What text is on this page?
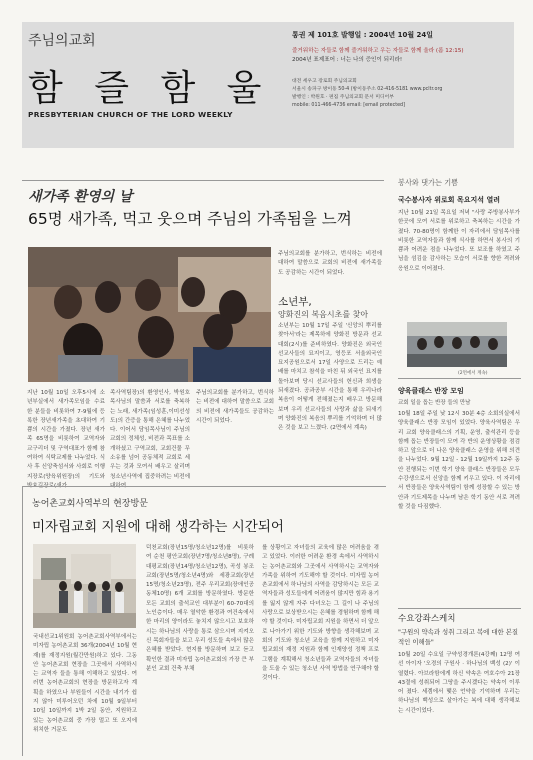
주님의교회
함 즐 함 울
PRESBYTERIAN CHURCH OF THE LORD WEEKLY
통권 제 101호 발행일 : 2004년 10월 24일
즐거워하는 자들로 함께 즐거워하고 우는 자들로 함께 울라 (롬 12:15)
2004년 표제표어 : 너는 나의 증인이 되리라!
대전 세우고 장로회 주님의교회
서울시 송파구 방이동 50-4 (방이동주소 02-416-5181 www.pcltr.org
발행인 : 박원호 · 편집 주님의교회 문서 미디어부
mobile: 011-466-4736 email: [email protected]
새가족 환영의 날
65명 새가족, 먹고 웃으며 주님의 가족됨을 느껴
지난 10월 10일 오후5시에 소년부실에서 새가족모임을 수료한 분들을 비롯하여 7-9월에 등록한 장년새가족을 초대하여 기쁨의 시간을 가졌다. 장년 새가족 65명을 비롯하여 교역자와 교구리더 및 구역대표가 함께 참여하여 식탁교제를 나누었다. 식사 후 신앙축섬서와 사회로 이행지장로(양육위원장)의 기도와 박효길장로(새가
족사역팀장)의 환영인사, 박원호 목사님의 말씀과 서로를 축복하는 노래, 새가족(임성훈,이미선성도)의 간증을 통해 은혜를 나누었다. 이어서 담임목사님이 주님의교회의 정체성, 비전과 목표를 소개하셨고 구역교회, 교회건물 무소유를 넘어 공동체적 교회로 세우는 것과 모여서 배우고 살리며 청소년사역에 집중하려는 비전에 대하여
주님의교회를 분가하고, 번식하는 비전에 대하여 말씀으로 교회의 비전에 새가족들도 공감하는 시간이 되었다.
주님의교회를 분가하고, 번식하는 비전에 대하여 말씀으로 교회의 비전에 새가족들도 공감하는 시간이 되었다.
소년부,
양화진의 복음시초를 찾아
소년부는 10월 17일 주일 '신앙의 뿌리를 찾아서'라는 제목하에 양화진 방문과 선교대회(2시)를 준비하였다. 양화진은 외국인 선교사들의 묘지이고, 영등포 서울외국인묘지공원으로서 17일 사양으로 드리는 예배를 마치고 참석을 마친 뒤 외국인 묘지를 돌아보며 당시 선교사들의 헌신과 희생을 되새겼다. 공과공부 시간을 통해 우리나라 복음이 어떻게 전해졌는지 배우고 방문해보며 우리 선교사들의 사랑과 삶을 되새기며 양화진의 복음의 뿌리를 기억하며 더 많은 것을 보고 느꼈다. (2면에서 계속)
농어촌교회사역부의 현장방문
미자립교회 지원에 대해 생각하는 시간되어
국내선교1위원회 농어촌교회사역부에서는 미자립 농어촌교회 36개(2004년 10월 현재)를 재정지원(월간만원)하고 있다. 그동안 농어촌교회 현장을 그곳에서 사역하시는 교역자 들을 통해 이해하고 있었다. 여러번 농어촌교회의 현장을 방문하고자 계획을 하였으나 부원들이 시간을 내기가 쉽지 않아 미루어오던 차에 10월 9일부터 10일 10일까지 1박 2일 동안, 지원하고 있는 농어촌교회 중 가장 멀고 또 오지에 위치한 거문도
덕천교회(장년15명/청소년12명)를 비롯하여 순천 평안교회(장년7명/청소년8명), 구례 대평교회(장년14명/청소년12명), 곡성 봉조교회(장년5명/청소년4명)와 세광교회(장년15명/청소년23명), 전주 우리교회(장애인공동체10명) 6개 교회를 방문하였다. 방문한 모든 교회의 출석교인 대부분이 60-70대의 노인층이다. 매우 열악한 환경과 여건속에서 한 마리의 양이라도 놓치지 않으시고 보호하시는 하나님의 사랑을 통로 삼으시며 지켜오신 목회자들을 보고 우리 성도들 속에서 많은 은혜를 받았다. 현지를 방문하며 보고 듣고 확인한 결과 미자립 농어촌교회의 가장 큰 부분인 교회 건축 부채
를 상황이고 자녀들의 교육에 많은 어려움을 겪고 있었다. 이러한 어려운 환경 속에서 사역하시는 농어촌교회와 그곳에서 사역하시는 교역자와 가족을 위하여 기도해야 할 것이다. 미자립 농어촌교회에서 하나님의 사역을 감당하시는 모든 교역자들과 성도들에게 어려움이 많지만 힘과 용기를 잃지 않게 자주 다녀오는 그 길이 나 주님의 사랑으로 보상받으시는 은혜를 경험하며 함께 해야 할 것이다. 미자립교회 지원을 하면서 더 앞으로 나아가기 위한 기도와 방향을 생각해보며 교회의 기도와 청소년 교육을 함께 지원하고 미자립교회의 재정 지원과 함께 인재양성 정책 프로그램을 계획해서 청소년들과 교역자들의 자녀들을 도울 수 있는 청소년 사역 방법을 연구해야 할 것이다.
봉사와 댓가는 기쁨
국수봉사자 위로회 목요지석 열려
지난 10월 21일 목요일 저녁 "사랑 주방봉사부가 한곳에 모여 서로를 위로하고 축복하는 시간을 가졌다. 70-80명이 함께한 이 자리에서 담임목사를 비롯한 교역자들과 함께 식사를 하면서 봉사의 기쁨과 어려운 점을 나누었다. 또 보조를 하였고 주님을 섬김을 감사하는 모습이 서로를 향한 격려와 응원으로 이어졌다.
(2면에서 계속)
양육클래스 반장 모임
교회 일을 돕는 반장 들의 만남
10월 18일 주일 낮 12시 30분 4층 소회의실에서 양육클래스 반장 모임이 있었다. 양육사역팀은 우리 교회 양육클래스의 기획, 운영, 출석관리 등을 함께 돕는 반장들이 모여 각 반의 운영상황을 점검하고 앞으로 더 나은 양육클래스 운영을 위해 의견을 나누었다. 9월 12일 - 12월 19일까지 12주 동안 진행되는 이번 학기 양육 클래스 반장들은 모두 수강생으로서 신앙을 함께 키우고 있다. 이 자리에서 반장들은 양육사역팀이 함께 성장할 수 있는 방안과 기도제목을 나누며 남은 학기 동안 서로 격려할 것을 다짐했다.
수요강좌스케치
"구원의 약속과 성취 그리고 복에 대한 본질적인 이해들"
10월 20일 수요일 구약성경개론(4강째) 12명 여선 아이자 '오경의 구원사 · 하나님의 백성 (2)' 이 열렸다. 아브라함에게 하신 약속은 여호수아 21장 43절에 성취되어 그땅을 주시겠다는 약속이 이루어 졌다. 세겜에서 맺은 언약을 기억하며 우리는 하나님의 백성으로 살아가는 복에 대해 생각해보는 시간이었다.
